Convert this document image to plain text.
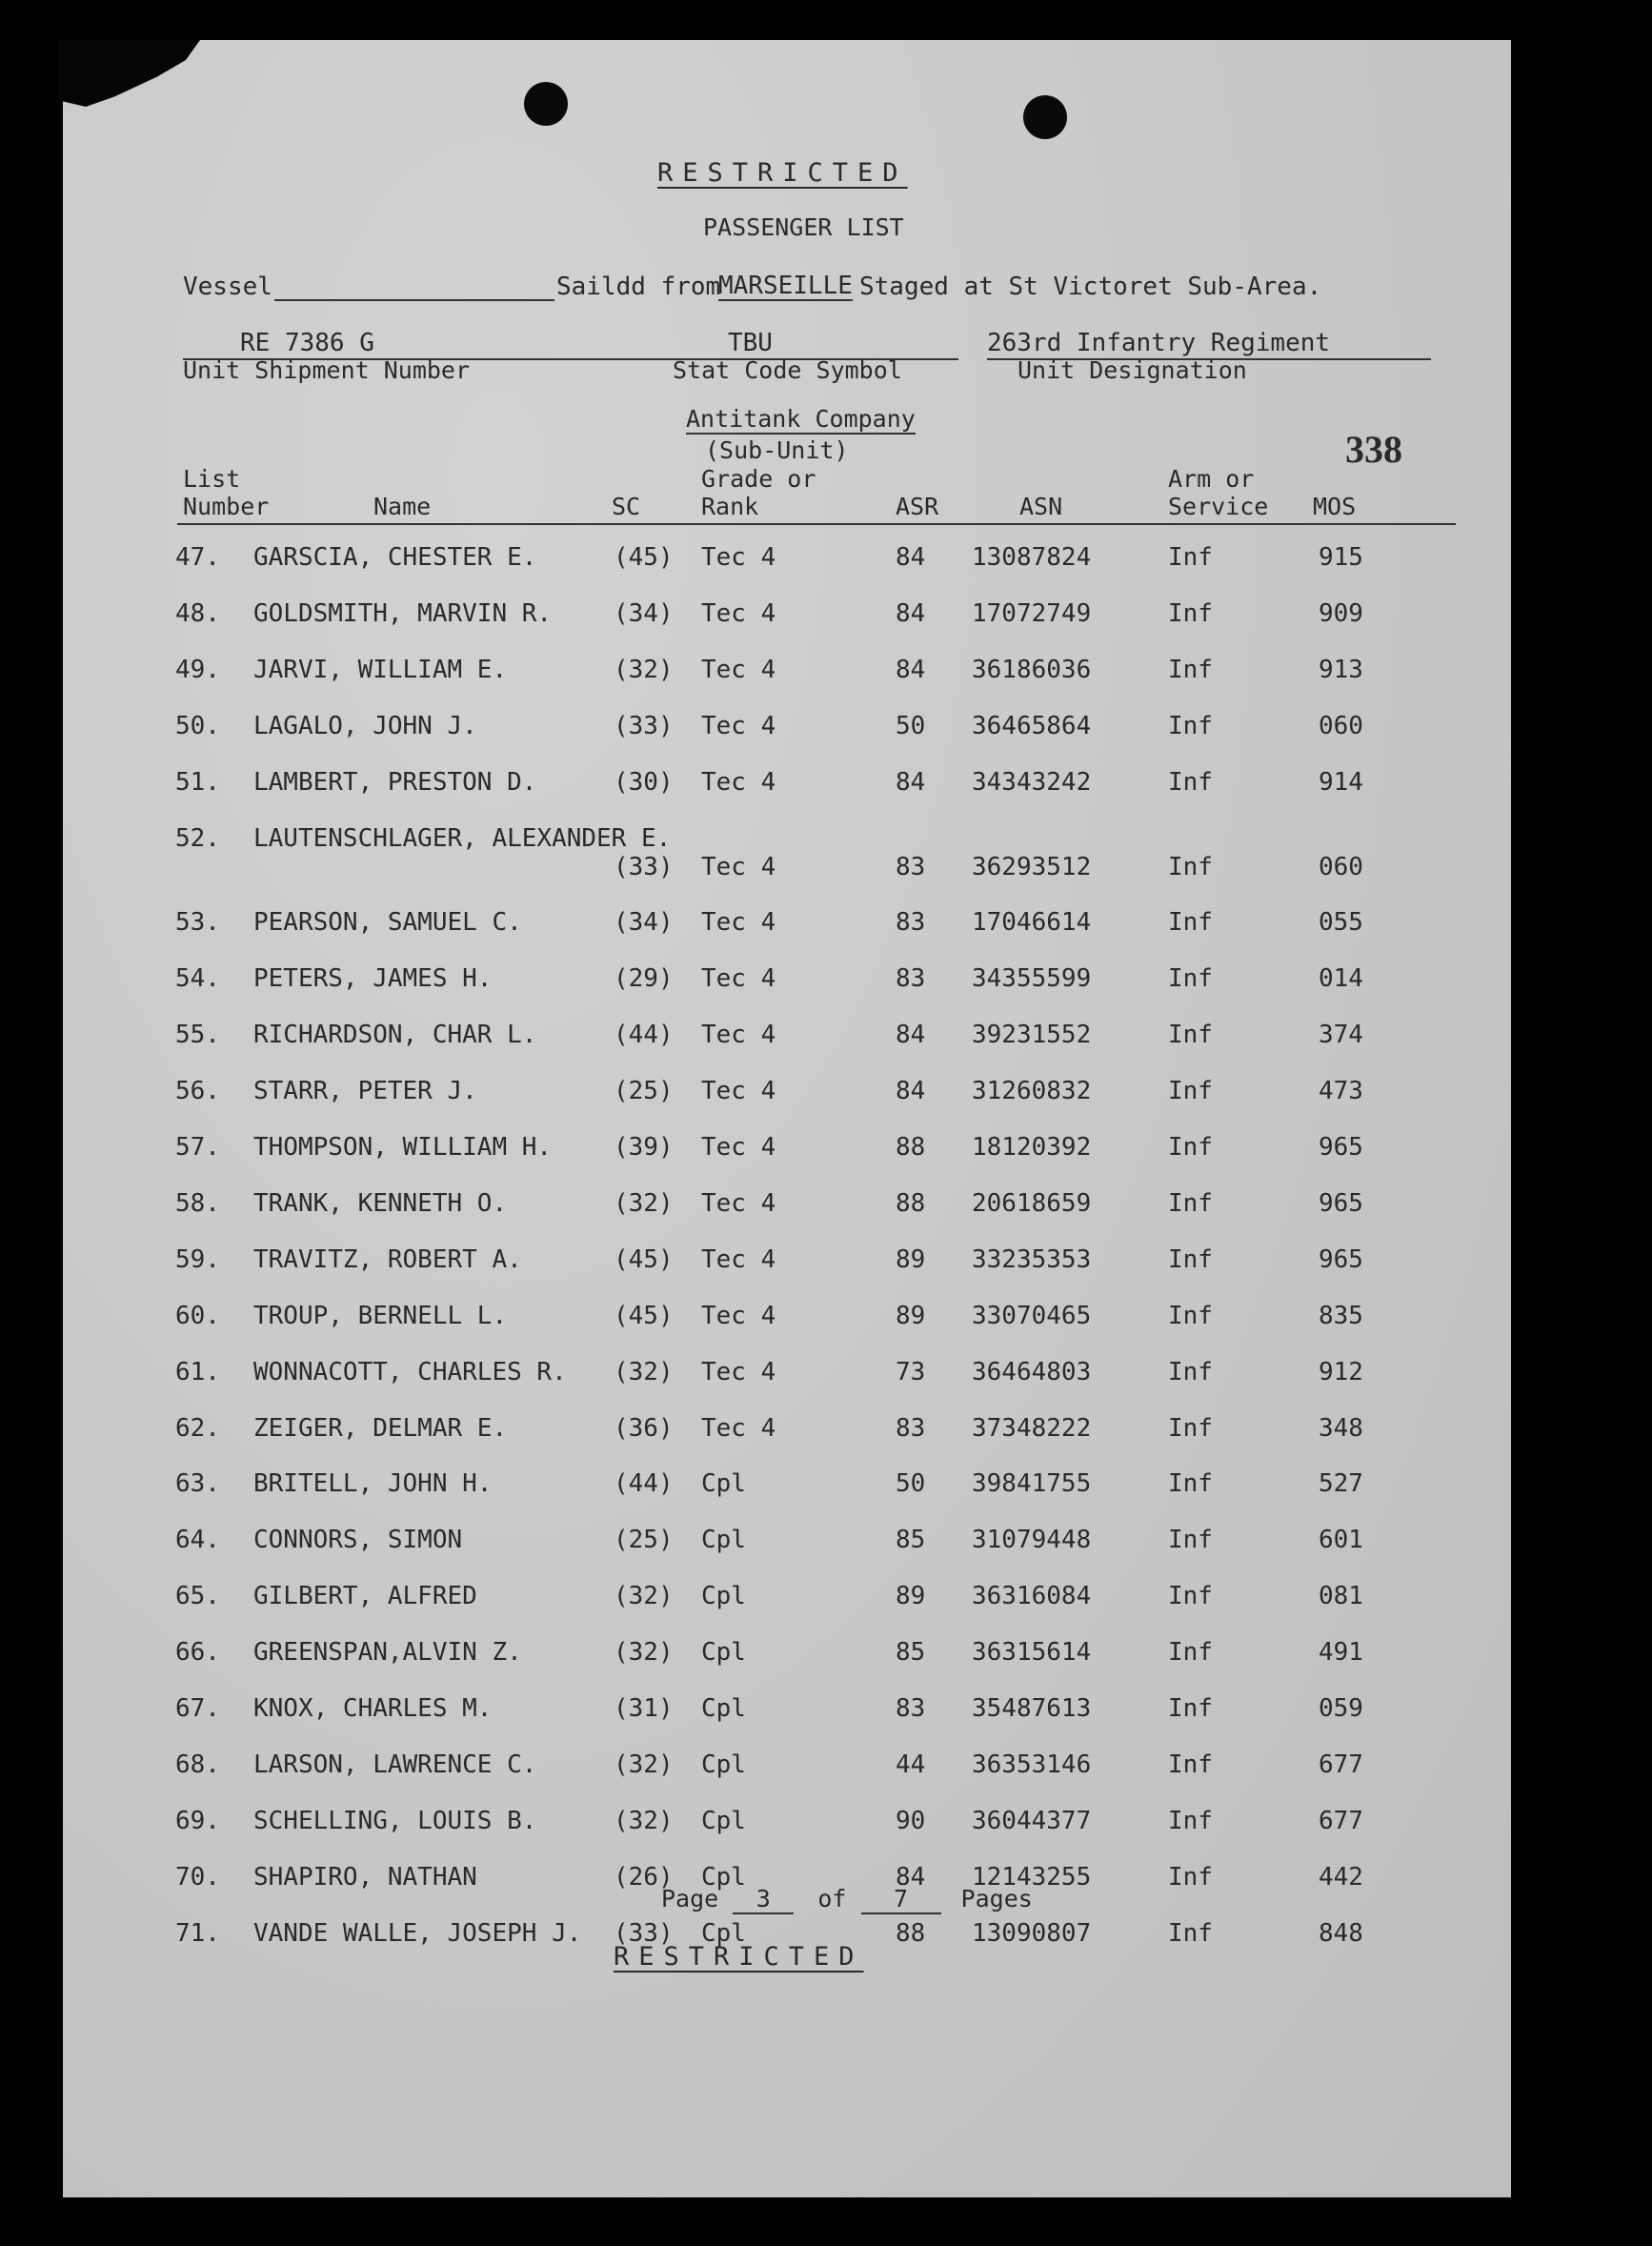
RESTRICTED
PASSENGER LIST
Vessel	Saildd from
MARSEILLE Staged at St Victoret Sub-Area.
RE 7386 G
Unit Shipment Number
TBU
Stat Code Symbol
263rd Infantry Regiment
Unit Designation
Antitank Company
(Sub-Unit)	338
List
Number	Name	SC
Grade or
Rank	ASR	ASN
Arm or
Service MOS
47. GARSCIA, CHESTER E.	(45) Tec 4	84 13087824	Inf	915
48. GOLDSMITH, MARVIN R. (34) Tec 4	84 17072749	Inf	909
49. JARVI, WILLIAM E.	(32) Tec 4	84 36186036	Inf	913
50. LAGALO, JOHN J.	(33) Tec 4	50 36465864	Inf	060
51. LAMBERT, PRESTON D.	(30) Tec 4	84 34343242	Inf	914
52. LAUTENSCHLAGER, ALEXANDER E.
(33) Tec 4	83 36293512	Inf	060
53. PEARSON, SAMUEL C.	(34) Tec 4	83 17046614	Inf	055
54. PETERS, JAMES H.	(29) Tec 4	83 34355599	Inf	014
55. RICHARDSON, CHAR L.	(44) Tec 4	84 39231552	Inf	374
56. STARR, PETER J.	(25) Tec 4	84 31260832	Inf	473
57. THOMPSON, WILLIAM H. (39) Tec 4	88 18120392	Inf	965
58. TRANK, KENNETH O.	(32) Tec 4	88 20618659	Inf	965
59. TRAVITZ, ROBERT A.	(45) Tec 4	89 33235353	Inf	965
60. TROUP, BERNELL L.	(45) Tec 4	89 33070465	Inf	835
61. WONNACOTT, CHARLES R. (32) Tec 4	73 36464803	Inf	912
62. ZEIGER, DELMAR E.	(36) Tec 4	83 37348222	Inf	348
63. BRITELL, JOHN H.	(44) Cpl	50 39841755	Inf	527
64. CONNORS, SIMON	(25) Cpl	85 31079448	Inf	601
65. GILBERT, ALFRED	(32) Cpl	89 36316084	Inf	081
66. GREENSPAN,ALVIN Z.	(32) Cpl	85 36315614	Inf	491
67. KNOX, CHARLES M.	(31) Cpl	83 35487613	Inf	059
68. LARSON, LAWRENCE C.	(32) Cpl	44 36353146	Inf	677
69. SCHELLING, LOUIS B.	(32) Cpl	90 36044377	Inf	677
70. SHAPIRO, NATHAN	(26) Cpl	84 12143255	Inf	442
71. VANDE WALLE, JOSEPH J. (33) Cpl	88 13090807	Inf	848
Page 3 of 7 Pages
RESTRICTED
